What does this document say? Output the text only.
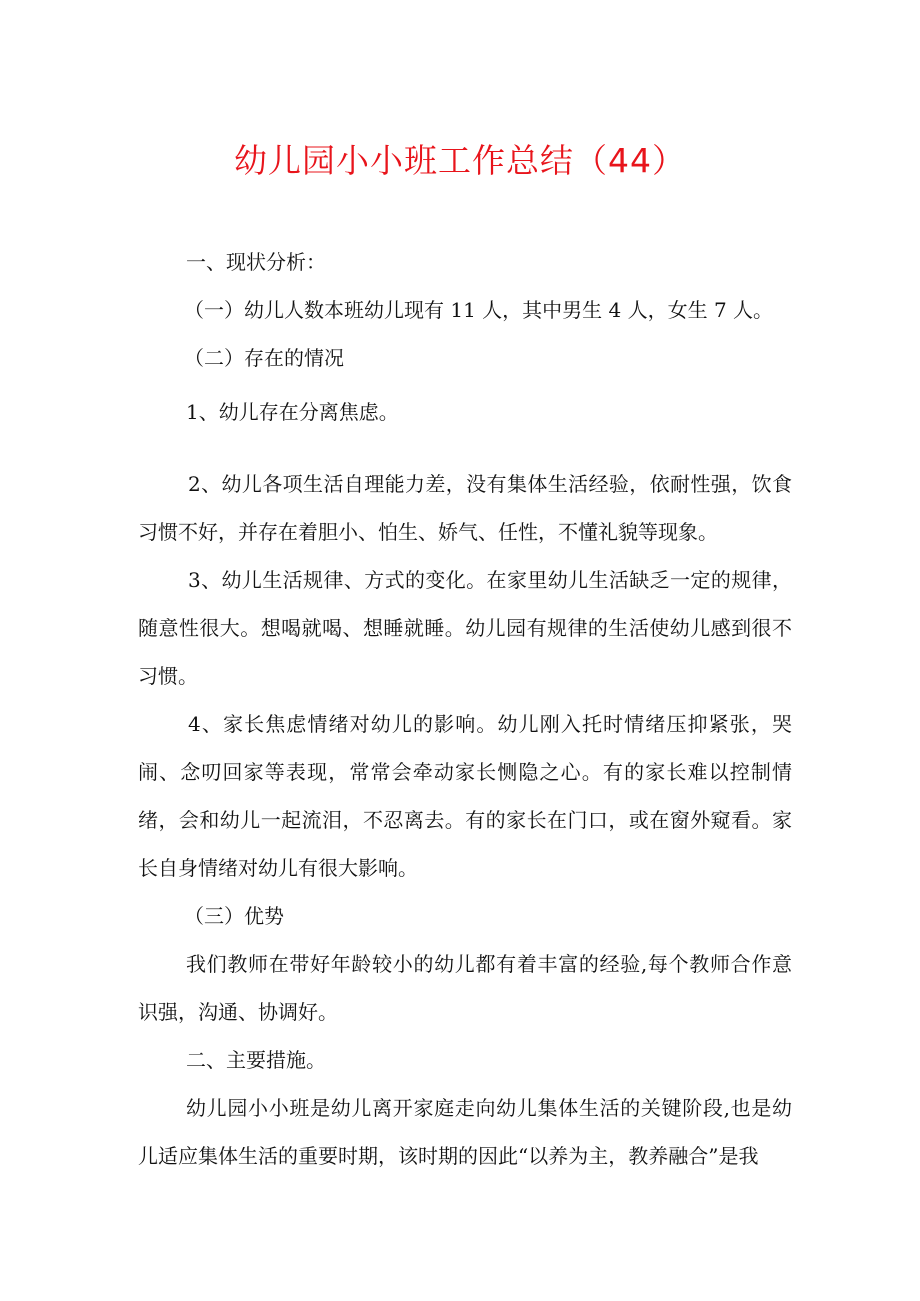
幼儿园小小班工作总结（44）

一、现状分析：

（一）幼儿人数本班幼儿现有 11 人，其中男生 4 人，女生 7 人。

（二）存在的情况

1、幼儿存在分离焦虑。

2、幼儿各项生活自理能力差，没有集体生活经验，依耐性强，饮食习惯不好，并存在着胆小、怕生、娇气、任性，不懂礼貌等现象。

3、幼儿生活规律、方式的变化。在家里幼儿生活缺乏一定的规律，随意性很大。想喝就喝、想睡就睡。幼儿园有规律的生活使幼儿感到很不习惯。

4、家长焦虑情绪对幼儿的影响。幼儿刚入托时情绪压抑紧张，哭闹、念叨回家等表现，常常会牵动家长恻隐之心。有的家长难以控制情绪，会和幼儿一起流泪，不忍离去。有的家长在门口，或在窗外窥看。家长自身情绪对幼儿有很大影响。

（三）优势

我们教师在带好年龄较小的幼儿都有着丰富的经验,每个教师合作意识强，沟通、协调好。

二、主要措施。

幼儿园小小班是幼儿离开家庭走向幼儿集体生活的关键阶段,也是幼儿适应集体生活的重要时期，该时期的因此“以养为主，教养融合”是我
